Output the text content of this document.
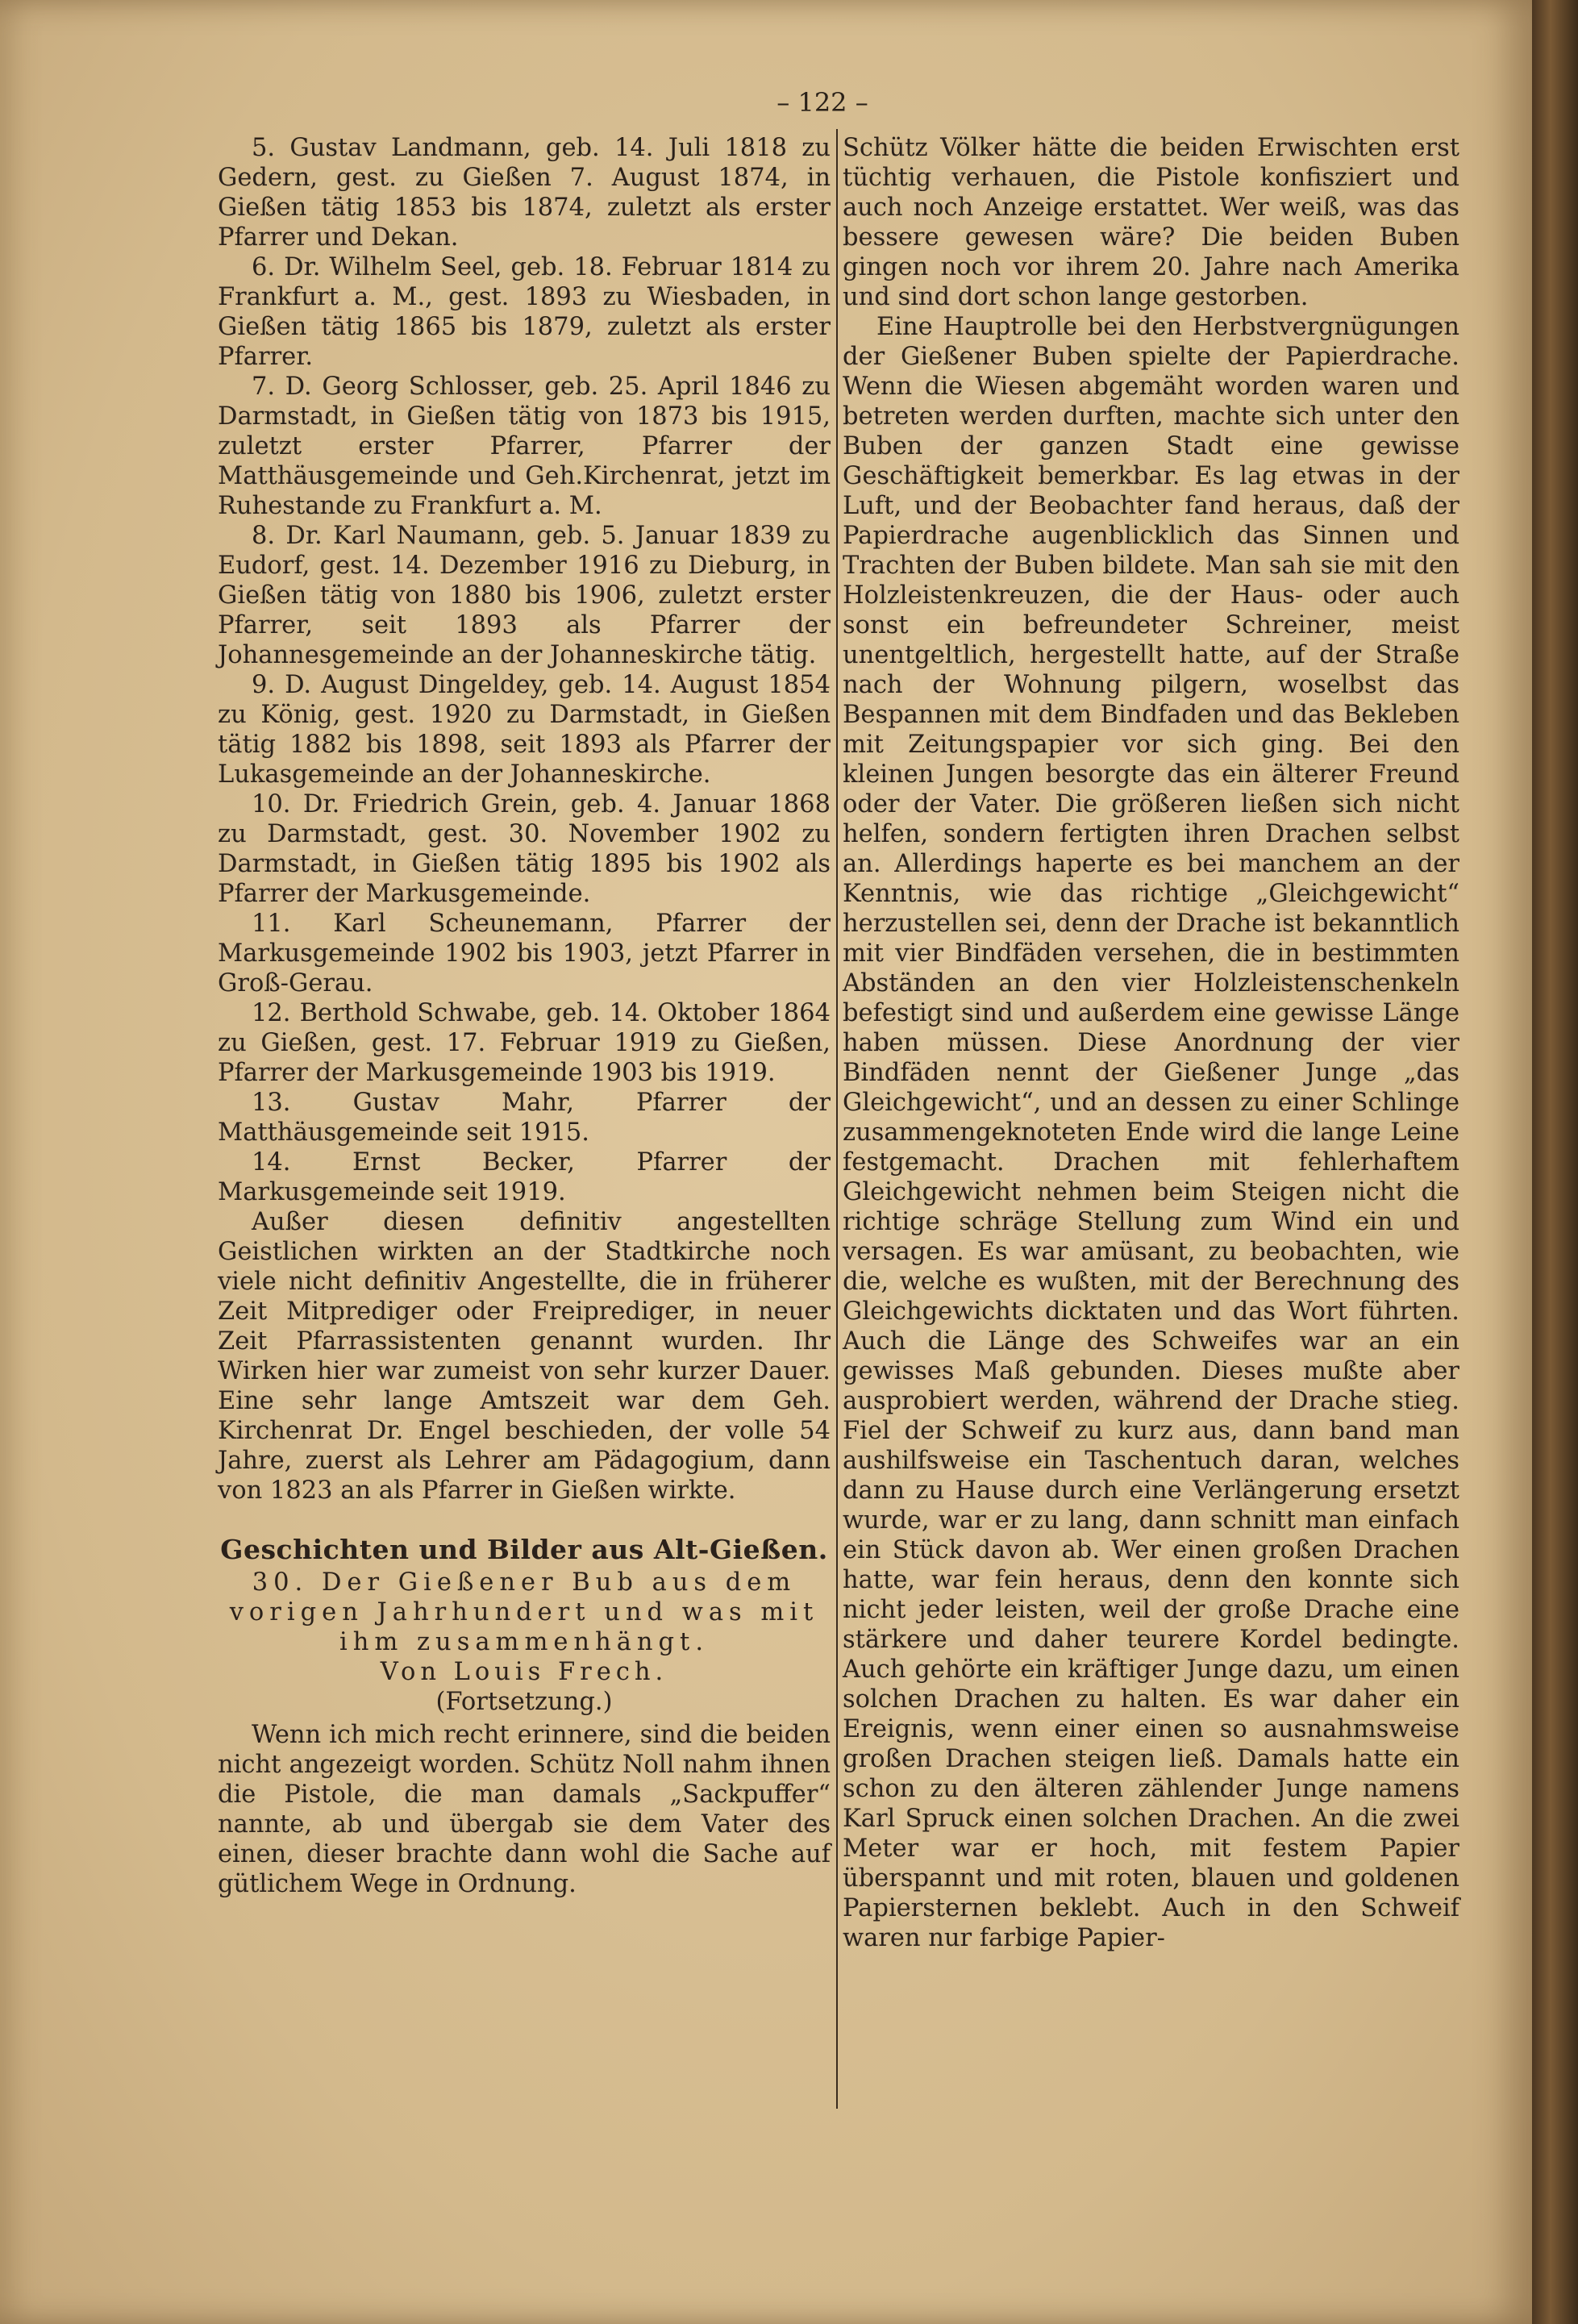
– 122 –

5. Gustav Landmann, geb. 14. Juli 1818 zu Gedern, gest. zu Gießen 7. August 1874, in Gießen tätig 1853 bis 1874, zuletzt als erster Pfarrer und Dekan.

6. Dr. Wilhelm Seel, geb. 18. Februar 1814 zu Frankfurt a. M., gest. 1893 zu Wiesbaden, in Gießen tätig 1865 bis 1879, zuletzt als erster Pfarrer.

7. D. Georg Schlosser, geb. 25. April 1846 zu Darmstadt, in Gießen tätig von 1873 bis 1915, zuletzt erster Pfarrer, Pfarrer der Matthäusgemeinde und Geh.Kirchenrat, jetzt im Ruhestande zu Frankfurt a. M.

8. Dr. Karl Naumann, geb. 5. Januar 1839 zu Eudorf, gest. 14. Dezember 1916 zu Dieburg, in Gießen tätig von 1880 bis 1906, zuletzt erster Pfarrer, seit 1893 als Pfarrer der Johannesgemeinde an der Johanneskirche tätig.

9. D. August Dingeldey, geb. 14. August 1854 zu König, gest. 1920 zu Darmstadt, in Gießen tätig 1882 bis 1898, seit 1893 als Pfarrer der Lukasgemeinde an der Johanneskirche.

10. Dr. Friedrich Grein, geb. 4. Januar 1868 zu Darmstadt, gest. 30. November 1902 zu Darmstadt, in Gießen tätig 1895 bis 1902 als Pfarrer der Markusgemeinde.

11. Karl Scheunemann, Pfarrer der Markusgemeinde 1902 bis 1903, jetzt Pfarrer in Groß-Gerau.

12. Berthold Schwabe, geb. 14. Oktober 1864 zu Gießen, gest. 17. Februar 1919 zu Gießen, Pfarrer der Markusgemeinde 1903 bis 1919.

13. Gustav Mahr, Pfarrer der Matthäusgemeinde seit 1915.

14. Ernst Becker, Pfarrer der Markusgemeinde seit 1919.

Außer diesen definitiv angestellten Geistlichen wirkten an der Stadtkirche noch viele nicht definitiv Angestellte, die in früherer Zeit Mitprediger oder Freiprediger, in neuer Zeit Pfarrassistenten genannt wurden. Ihr Wirken hier war zumeist von sehr kurzer Dauer. Eine sehr lange Amtszeit war dem Geh. Kirchenrat Dr. Engel beschieden, der volle 54 Jahre, zuerst als Lehrer am Pädagogium, dann von 1823 an als Pfarrer in Gießen wirkte.

Geschichten und Bilder aus Alt-Gießen.

30. Der Gießener Bub aus dem vorigen Jahrhundert und was mit ihm zusammenhängt.

Von Louis Frech.

(Fortsetzung.)

Wenn ich mich recht erinnere, sind die beiden nicht angezeigt worden. Schütz Noll nahm ihnen die Pistole, die man damals „Sackpuffer“ nannte, ab und übergab sie dem Vater des einen, dieser brachte dann wohl die Sache auf gütlichem Wege in Ordnung.

Schütz Völker hätte die beiden Erwischten erst tüchtig verhauen, die Pistole konfisziert und auch noch Anzeige erstattet. Wer weiß, was das bessere gewesen wäre? Die beiden Buben gingen noch vor ihrem 20. Jahre nach Amerika und sind dort schon lange gestorben.

Eine Hauptrolle bei den Herbstvergnügungen der Gießener Buben spielte der Papierdrache. Wenn die Wiesen abgemäht worden waren und betreten werden durften, machte sich unter den Buben der ganzen Stadt eine gewisse Geschäftigkeit bemerkbar. Es lag etwas in der Luft, und der Beobachter fand heraus, daß der Papierdrache augenblicklich das Sinnen und Trachten der Buben bildete. Man sah sie mit den Holzleistenkreuzen, die der Haus- oder auch sonst ein befreundeter Schreiner, meist unentgeltlich, hergestellt hatte, auf der Straße nach der Wohnung pilgern, woselbst das Bespannen mit dem Bindfaden und das Bekleben mit Zeitungspapier vor sich ging. Bei den kleinen Jungen besorgte das ein älterer Freund oder der Vater. Die größeren ließen sich nicht helfen, sondern fertigten ihren Drachen selbst an. Allerdings haperte es bei manchem an der Kenntnis, wie das richtige „Gleichgewicht“ herzustellen sei, denn der Drache ist bekanntlich mit vier Bindfäden versehen, die in bestimmten Abständen an den vier Holzleistenschenkeln befestigt sind und außerdem eine gewisse Länge haben müssen. Diese Anordnung der vier Bindfäden nennt der Gießener Junge „das Gleichgewicht“, und an dessen zu einer Schlinge zusammengeknoteten Ende wird die lange Leine festgemacht. Drachen mit fehlerhaftem Gleichgewicht nehmen beim Steigen nicht die richtige schräge Stellung zum Wind ein und versagen. Es war amüsant, zu beobachten, wie die, welche es wußten, mit der Berechnung des Gleichgewichts dicktaten und das Wort führten. Auch die Länge des Schweifes war an ein gewisses Maß gebunden. Dieses mußte aber ausprobiert werden, während der Drache stieg. Fiel der Schweif zu kurz aus, dann band man aushilfsweise ein Taschentuch daran, welches dann zu Hause durch eine Verlängerung ersetzt wurde, war er zu lang, dann schnitt man einfach ein Stück davon ab. Wer einen großen Drachen hatte, war fein heraus, denn den konnte sich nicht jeder leisten, weil der große Drache eine stärkere und daher teurere Kordel bedingte. Auch gehörte ein kräftiger Junge dazu, um einen solchen Drachen zu halten. Es war daher ein Ereignis, wenn einer einen so ausnahmsweise großen Drachen steigen ließ. Damals hatte ein schon zu den älteren zählender Junge namens Karl Spruck einen solchen Drachen. An die zwei Meter war er hoch, mit festem Papier überspannt und mit roten, blauen und goldenen Papiersternen beklebt. Auch in den Schweif waren nur farbige Papier-
